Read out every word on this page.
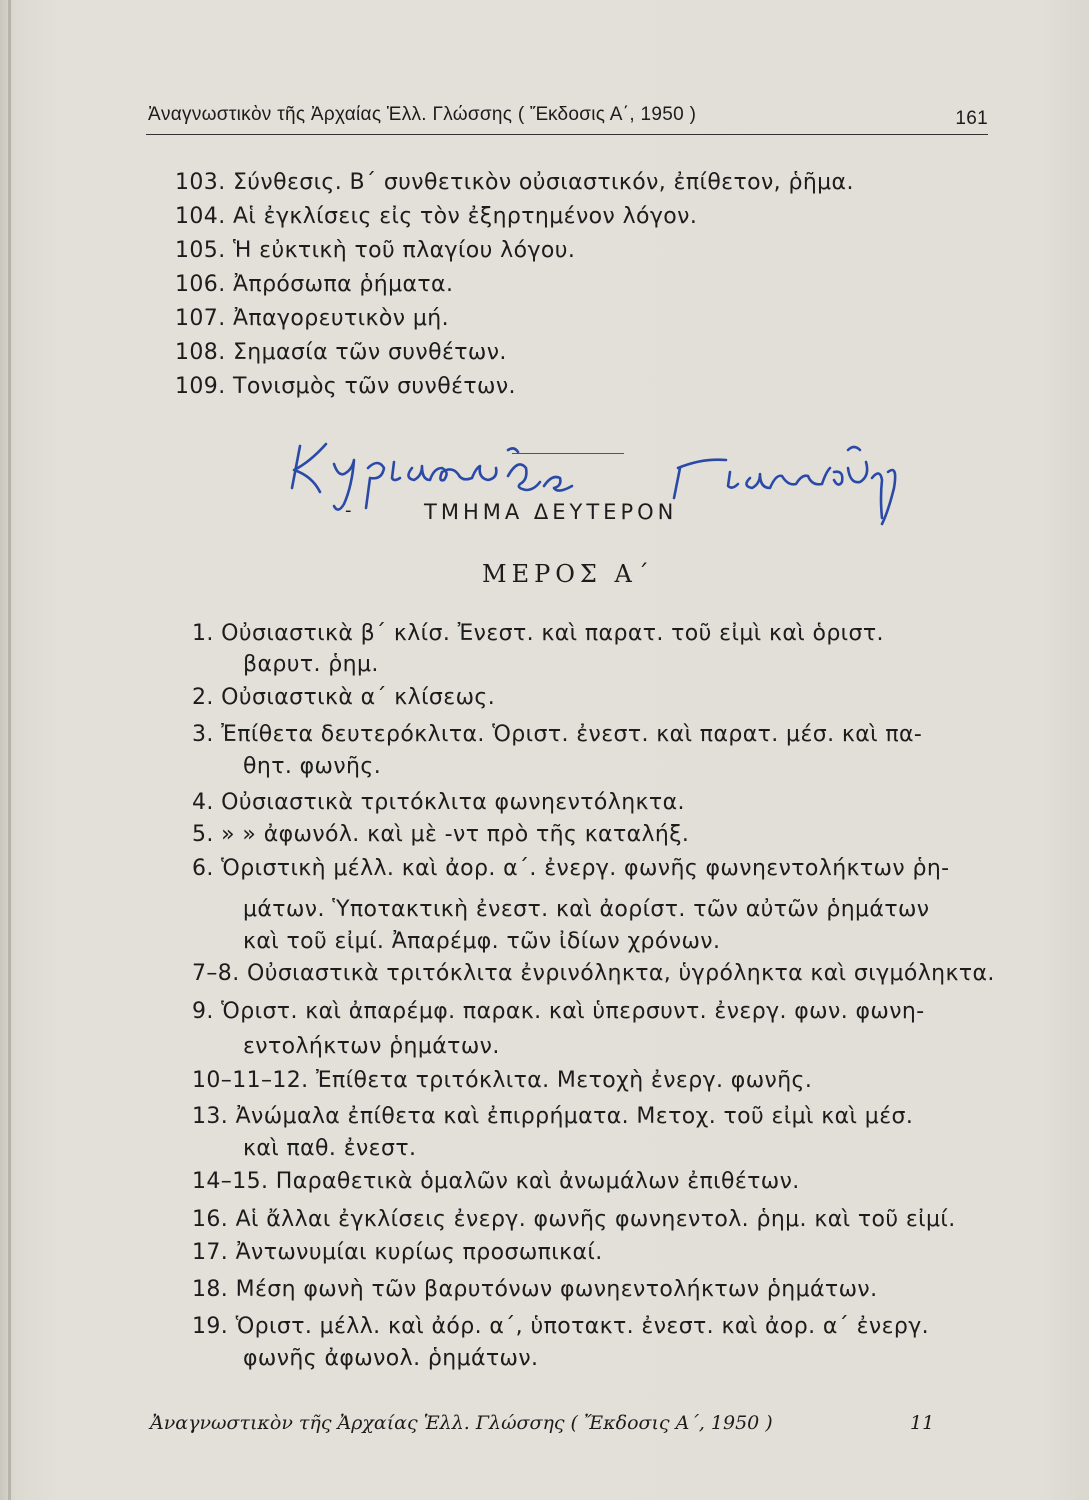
Ἀναγνωστικὸν τῆς Ἀρχαίας Ἑλλ. Γλώσσης ( Ἔκδοσις Α΄, 1950 )	161
103. Σύνθεσις. Β΄ συνθετικὸν οὐσιαστικόν, ἐπίθετον, ῥῆμα.
104. Αἱ ἐγκλίσεις εἰς τὸν ἐξηρτημένον λόγον.
105. Ἡ εὐκτικὴ τοῦ πλαγίου λόγου.
106. Ἀπρόσωπα ῥήματα.
107. Ἀπαγορευτικὸν μή.
108. Σημασία τῶν συνθέτων.
109. Τονισμὸς τῶν συνθέτων.
-	ΤΜΗΜΑ ΔΕΥΤΕΡΟΝ
ΜΕΡΟΣ Α΄
1. Οὐσιαστικὰ β΄ κλίσ. Ἐνεστ. καὶ παρατ. τοῦ εἰμὶ καὶ ὁριστ.
βαρυτ. ῥημ.
2. Οὐσιαστικὰ α΄ κλίσεως.
3. Ἐπίθετα δευτερόκλιτα. Ὁριστ. ἐνεστ. καὶ παρατ. μέσ. καὶ πα-
θητ. φωνῆς.
4. Οὐσιαστικὰ τριτόκλιτα φωνηεντόληκτα.
5. » » ἀφωνόλ. καὶ μὲ -ντ πρὸ τῆς καταλήξ.
6. Ὁριστικὴ μέλλ. καὶ ἀορ. α΄. ἐνεργ. φωνῆς φωνηεντολήκτων ῥη-
μάτων. Ὑποτακτικὴ ἐνεστ. καὶ ἀορίστ. τῶν αὐτῶν ῥημάτων
καὶ τοῦ εἰμί. Ἀπαρέμφ. τῶν ἰδίων χρόνων.
7–8. Οὐσιαστικὰ τριτόκλιτα ἐνρινόληκτα, ὑγρόληκτα καὶ σιγμόληκτα.
9. Ὁριστ. καὶ ἀπαρέμφ. παρακ. καὶ ὑπερσυντ. ἐνεργ. φων. φωνη-
εντολήκτων ῥημάτων.
10–11–12. Ἐπίθετα τριτόκλιτα. Μετοχὴ ἐνεργ. φωνῆς.
13. Ἀνώμαλα ἐπίθετα καὶ ἐπιρρήματα. Μετοχ. τοῦ εἰμὶ καὶ μέσ.
καὶ παθ. ἐνεστ.
14–15. Παραθετικὰ ὁμαλῶν καὶ ἀνωμάλων ἐπιθέτων.
16. Αἱ ἄλλαι ἐγκλίσεις ἐνεργ. φωνῆς φωνηεντολ. ῥημ. καὶ τοῦ εἰμί.
17. Ἀντωνυμίαι κυρίως προσωπικαί.
18. Μέση φωνὴ τῶν βαρυτόνων φωνηεντολήκτων ῥημάτων.
19. Ὁριστ. μέλλ. καὶ ἀόρ. α΄, ὑποτακτ. ἐνεστ. καὶ ἀορ. α΄ ἐνεργ.
φωνῆς ἀφωνολ. ῥημάτων.
Ἀναγνωστικὸν τῆς Ἀρχαίας Ἑλλ. Γλώσσης ( Ἔκδοσις Α΄, 1950 )	11
